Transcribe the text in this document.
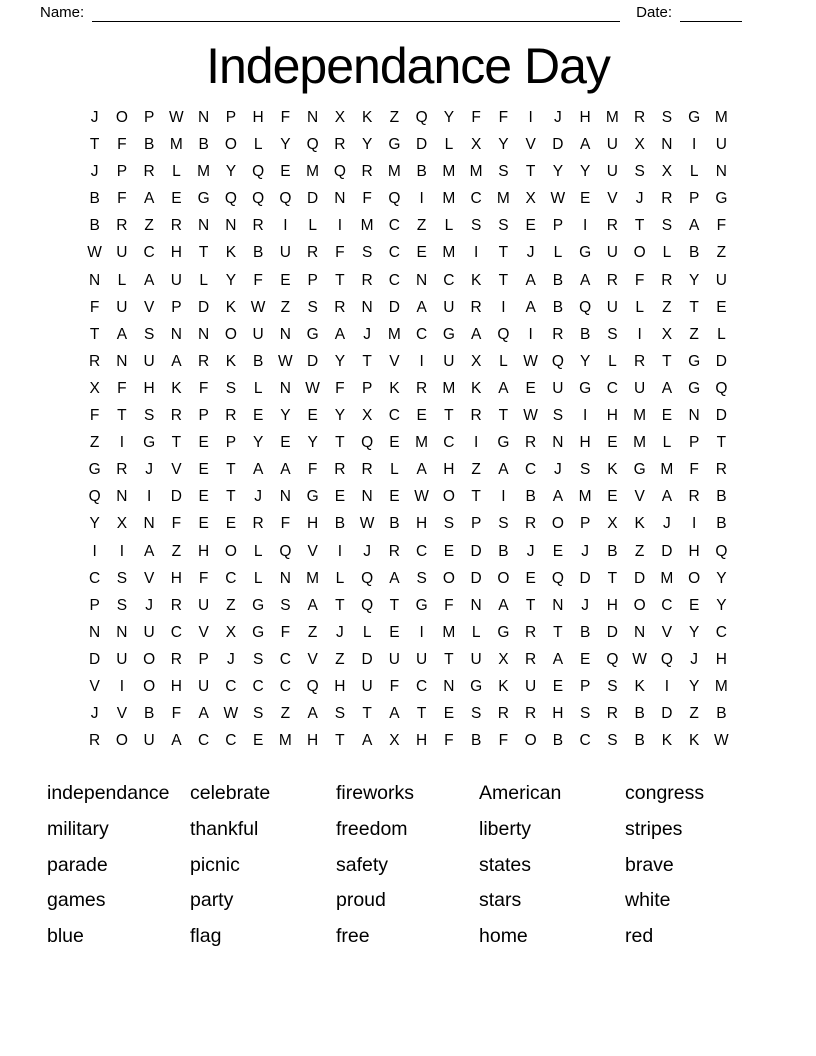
Name:	Date:
Independance Day
J	O	P W N	P	H	F	N	X	K	Z	Q	Y	F	F	I	J	H M R	S	G M
T	F	B	M	B	O	L	Y	Q	R	Y	G	D	L	X	Y	V	D	A	U	X	N	I	U
J	P	R	L	M	Y	Q	E	M Q	R M	B	M M	S	T	Y	Y	U	S	X	L	N
B	F	A	E	G Q Q Q	D	N	F	Q	I	M C M	X W E	V	J	R	P	G
B	R	Z	R	N	N	R	I	L	I	M C	Z	L	S	S	E	P	I	R	T	S	A	F
W U	C	H	T	K	B	U	R	F	S	C	E	M	I	T	J	L	G	U	O	L	B	Z
N	L	A	U	L	Y	F	E	P	T	R	C	N	C	K	T	A	B	A	R	F	R	Y	U
F	U	V	P	D	K W Z	S	R	N	D	A	U	R	I	A	B	Q	U	L	Z	T	E
T	A	S	N	N	O	U	N	G	A	J	M C	G	A	Q	I	R	B	S	I	X	Z	L
R	N	U	A	R	K	B W D	Y	T	V	I	U	X	L	W Q	Y	L	R	T	G	D
X	F	H	K	F	S	L	N W F	P	K	R M	K	A	E	U	G	C	U	A	G Q
F	T	S	R	P	R	E	Y	E	Y	X	C	E	T	R	T W S	I	H M	E	N	D
Z	I	G	T	E	P	Y	E	Y	T	Q	E	M C	I	G	R	N	H	E	M	L	P	T
G	R	J	V	E	T	A	A	F	R	R	L	A	H	Z	A	C	J	S	K	G M	F	R
Q	N	I	D	E	T	J	N	G	E	N	E W O	T	I	B	A	M	E	V	A	R	B
Y	X	N	F	E	E	R	F	H	B W B	H	S	P	S	R	O	P	X	K	J	I	B
I	I	A	Z	H	O	L	Q	V	I	J	R	C	E	D	B	J	E	J	B	Z	D	H	Q
C	S	V	H	F	C	L	N M	L	Q	A	S	O	D	O	E	Q	D	T	D M O	Y
P	S	J	R	U	Z	G	S	A	T	Q	T	G	F	N	A	T	N	J	H	O	C	E	Y
N	N	U	C	V	X	G	F	Z	J	L	E	I	M	L	G	R	T	B	D	N	V	Y	C
D	U	O	R	P	J	S	C	V	Z	D	U	U	T	U	X	R	A	E	Q W Q	J	H
V	I	O	H	U	C	C	C	Q	H	U	F	C	N	G	K	U	E	P	S	K	I	Y	M
J	V	B	F	A W S	Z	A	S	T	A	T	E	S	R	R	H	S	R	B	D	Z	B
R	O	U	A	C	C	E	M H	T	A	X	H	F	B	F	O	B	C	S	B	K	K W
independance
military
parade
games
blue
celebrate
thankful
picnic
party
flag
fireworks
freedom
safety
proud
free
American
liberty
states
stars
home
congress
stripes
brave
white
red
